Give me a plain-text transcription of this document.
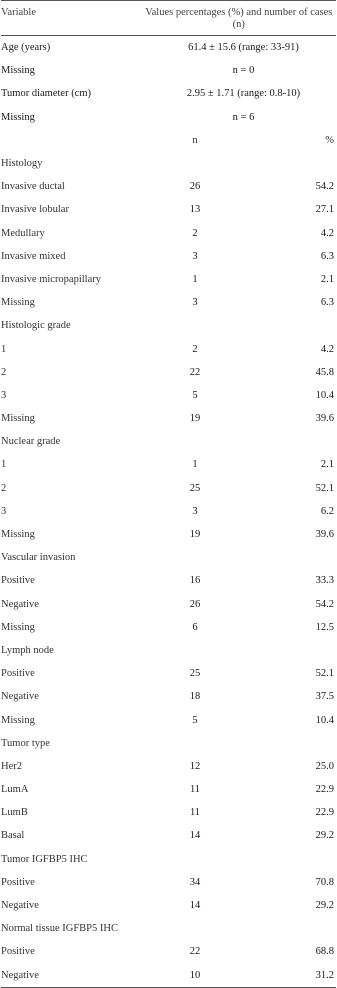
Variable	Values percentages (%) and number of cases (n)
Age (years)	61.4 ± 15.6 (range: 33-91)
Missing	n = 0
Tumor diameter (cm)	2.95 ± 1.71 (range: 0.8-10)
Missing	n = 6
n	%
Histology
Invasive ductal	26	54.2
Invasive lobular	13	27.1
Medullary	2	4.2
Invasive mixed	3	6.3
Invasive micropapillary	1	2.1
Missing	3	6.3
Histologic grade
1	2	4.2
2	22	45.8
3	5	10.4
Missing	19	39.6
Nuclear grade
1	1	2.1
2	25	52.1
3	3	6.2
Missing	19	39.6
Vascular invasion
Positive	16	33.3
Negative	26	54.2
Missing	6	12.5
Lymph node
Positive	25	52.1
Negative	18	37.5
Missing	5	10.4
Tumor type
Her2	12	25.0
LumA	11	22.9
LumB	11	22.9
Basal	14	29.2
Tumor IGFBP5 IHC
Positive	34	70.8
Negative	14	29.2
Normal tissue IGFBP5 IHC
Positive	22	68.8
Negative	10	31.2
